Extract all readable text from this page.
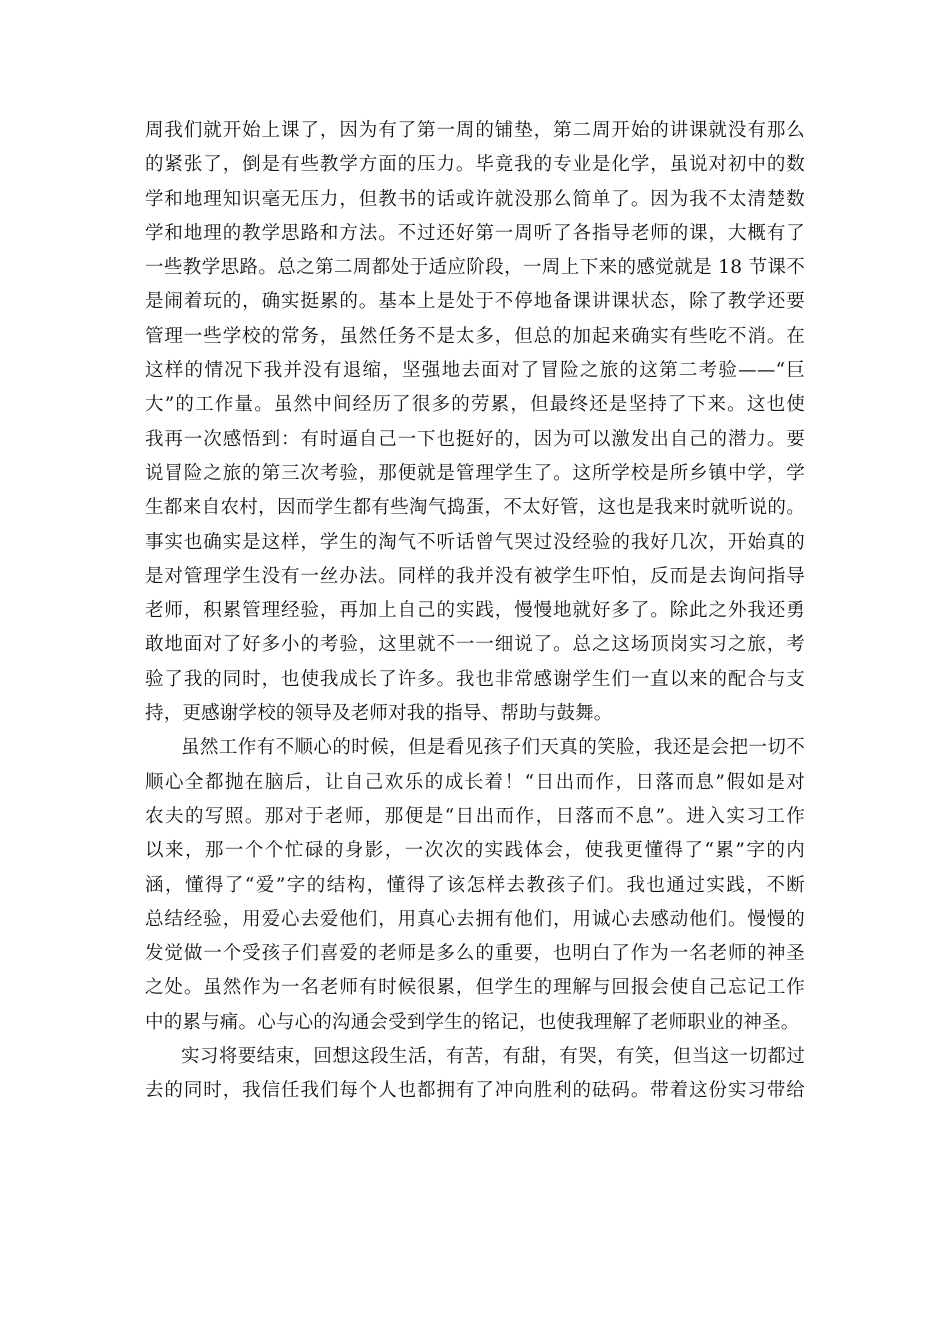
周我们就开始上课了，因为有了第一周的铺垫，第二周开始的讲课就没有那么
的紧张了，倒是有些教学方面的压力。毕竟我的专业是化学，虽说对初中的数
学和地理知识毫无压力，但教书的话或许就没那么简单了。因为我不太清楚数
学和地理的教学思路和方法。不过还好第一周听了各指导老师的课，大概有了
一些教学思路。总之第二周都处于适应阶段，一周上下来的感觉就是 18 节课不
是闹着玩的，确实挺累的。基本上是处于不停地备课讲课状态，除了教学还要
管理一些学校的常务，虽然任务不是太多，但总的加起来确实有些吃不消。在
这样的情况下我并没有退缩，坚强地去面对了冒险之旅的这第二考验——“巨
大”的工作量。虽然中间经历了很多的劳累，但最终还是坚持了下来。这也使
我再一次感悟到：有时逼自己一下也挺好的，因为可以激发出自己的潜力。要
说冒险之旅的第三次考验，那便就是管理学生了。这所学校是所乡镇中学，学
生都来自农村，因而学生都有些淘气捣蛋，不太好管，这也是我来时就听说的。
事实也确实是这样，学生的淘气不听话曾气哭过没经验的我好几次，开始真的
是对管理学生没有一丝办法。同样的我并没有被学生吓怕，反而是去询问指导
老师，积累管理经验，再加上自己的实践，慢慢地就好多了。除此之外我还勇
敢地面对了好多小的考验，这里就不一一细说了。总之这场顶岗实习之旅，考
验了我的同时，也使我成长了许多。我也非常感谢学生们一直以来的配合与支
持，更感谢学校的领导及老师对我的指导、帮助与鼓舞。
虽然工作有不顺心的时候，但是看见孩子们天真的笑脸，我还是会把一切不
顺心全都抛在脑后，让自己欢乐的成长着！“日出而作，日落而息”假如是对
农夫的写照。那对于老师，那便是“日出而作，日落而不息”。进入实习工作
以来，那一个个忙碌的身影，一次次的实践体会，使我更懂得了“累”字的内
涵，懂得了“爱”字的结构，懂得了该怎样去教孩子们。我也通过实践，不断
总结经验，用爱心去爱他们，用真心去拥有他们，用诚心去感动他们。慢慢的
发觉做一个受孩子们喜爱的老师是多么的重要，也明白了作为一名老师的神圣
之处。虽然作为一名老师有时候很累，但学生的理解与回报会使自己忘记工作
中的累与痛。心与心的沟通会受到学生的铭记，也使我理解了老师职业的神圣。
实习将要结束，回想这段生活，有苦，有甜，有哭，有笑，但当这一切都过
去的同时，我信任我们每个人也都拥有了冲向胜利的砝码。带着这份实习带给
